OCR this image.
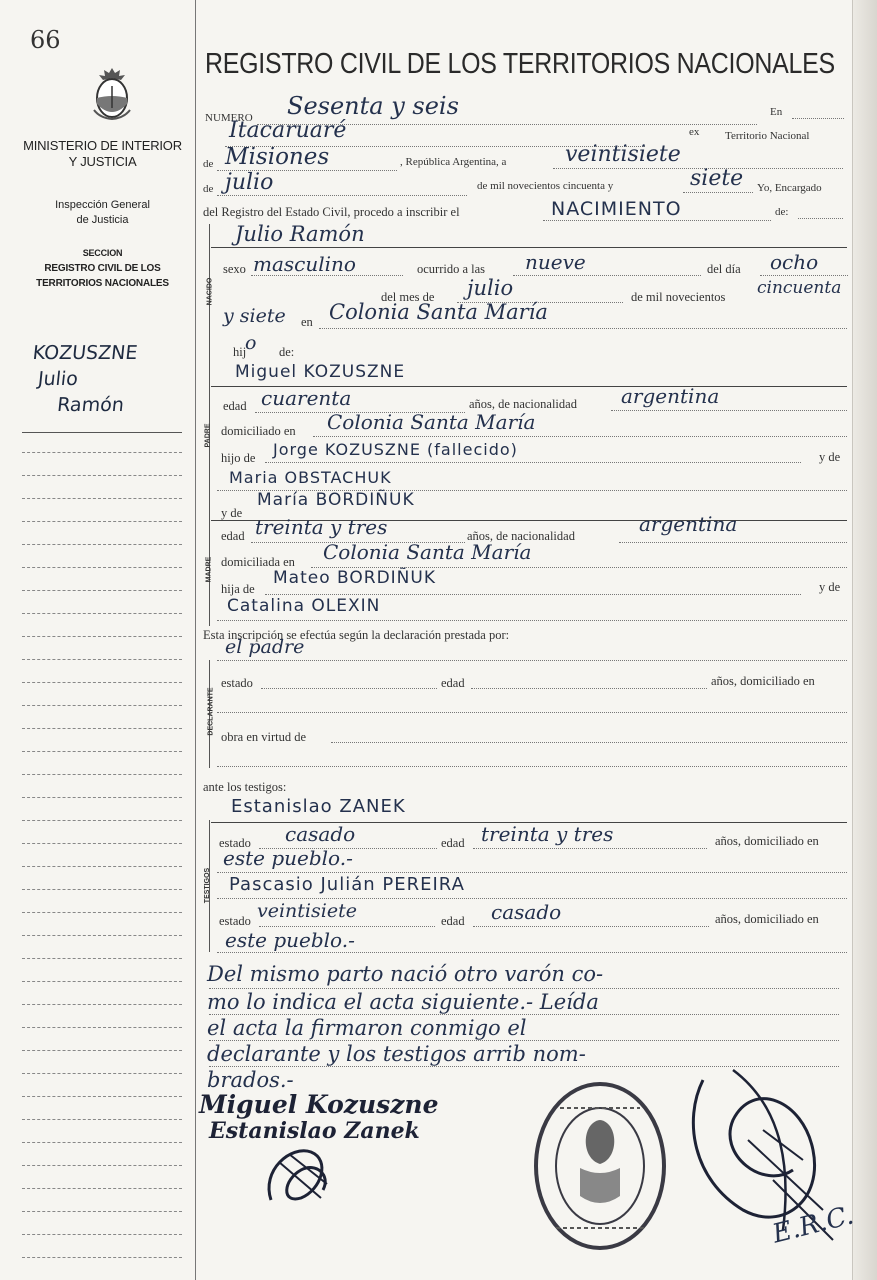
66
MINISTERIO DE INTERIOR
Y JUSTICIA
Inspección General
de Justicia
SECCION
REGISTRO CIVIL DE LOS
TERRITORIOS NACIONALES
KOZUSZNE
Julio
Ramón
REGISTRO CIVIL DE LOS TERRITORIOS NACIONALES
NUMERO Sesenta y seis	En
Itacaruaré	ex Territorio Nacional
de Misiones	, República Argentina, a	veintisiete
de julio	de mil novecientos cincuenta y	siete Yo, Encargado
del Registro del Estado Civil, procedo a inscribir el	NACIMIENTO	de:
NACIDO
Julio Ramón
sexo masculino	ocurrido a las nueve	del día ocho
del mes de julio	de mil novecientos cincuenta
y siete en Colonia Santa María
hij
o de:
PADRE
Miguel KOZUSZNE
edad cuarenta	años, de nacionalidad argentina
domiciliado en Colonia Santa María
hijo de Jorge KOZUSZNE (fallecido)	y de
Maria OBSTACHUK
MADRE
y de
María BORDIÑUK
edad treinta y tres	años, de nacionalidad	argentina
domiciliada en Colonia Santa María
hija de
Mateo BORDIÑUK	y de
Catalina OLEXIN
Esta inscripción se efectúa según la declaración prestada por:
el padre
DECLARANTE
estado	edad	años, domiciliado en
obra en virtud de
ante los testigos:
Estanislao ZANEK
TESTIGOS
estado casado	edad treinta y tres	años, domiciliado en
este pueblo.-
Pascasio Julián PEREIRA
estado veintisiete	edad casado	años, domiciliado en
este pueblo.-
Del mismo parto nació otro varón co-
mo lo indica el acta siguiente.- Leída
el acta la firmaron conmigo el
declarante y los testigos arrib nom-
brados.-
Miguel Kozuszne
Estanislao Zanek
E.R.C.
